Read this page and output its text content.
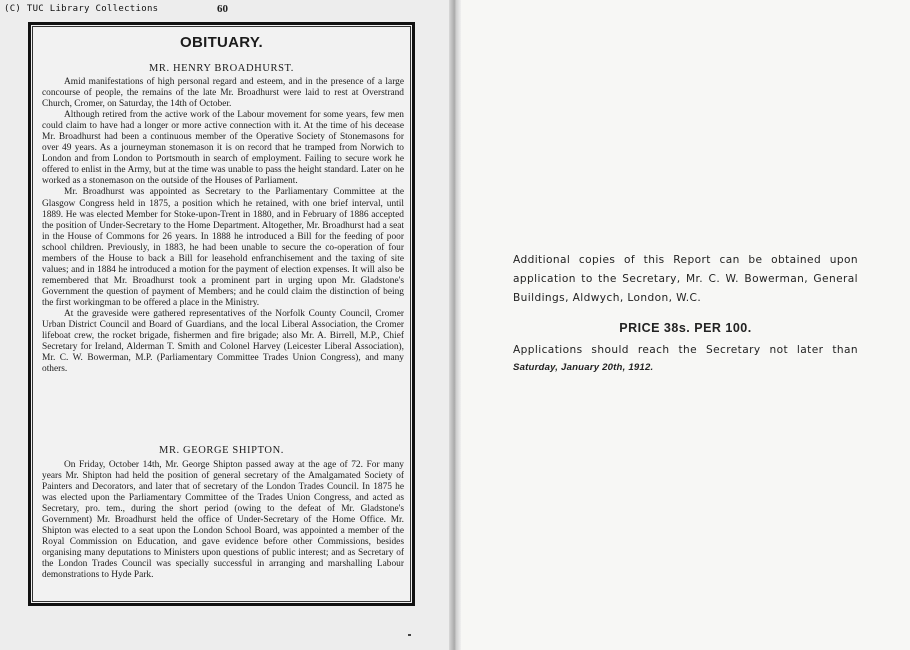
(C) TUC Library Collections	60
OBITUARY.
MR. HENRY BROADHURST.

Amid manifestations of high personal regard and esteem, and in the presence of a large concourse of people, the remains of the late Mr. Broadhurst were laid to rest at Overstrand Church, Cromer, on Saturday, the 14th of October.

Although retired from the active work of the Labour movement for some years, few men could claim to have had a longer or more active connection with it. At the time of his decease Mr. Broadhurst had been a continuous member of the Operative Society of Stonemasons for over 49 years. As a journeyman stonemason it is on record that he tramped from Norwich to London and from London to Portsmouth in search of employment. Failing to secure work he offered to enlist in the Army, but at the time was unable to pass the height standard. Later on he worked as a stonemason on the outside of the Houses of Parliament.

Mr. Broadhurst was appointed as Secretary to the Parliamentary Committee at the Glasgow Congress held in 1875, a position which he retained, with one brief interval, until 1889. He was elected Member for Stoke-upon-Trent in 1880, and in February of 1886 accepted the position of Under-Secretary to the Home Department. Altogether, Mr. Broadhurst had a seat in the House of Commons for 26 years. In 1888 he introduced a Bill for the feeding of poor school children. Previously, in 1883, he had been unable to secure the co-operation of four members of the House to back a Bill for leasehold enfranchisement and the taxing of site values; and in 1884 he introduced a motion for the payment of election expenses. It will also be remembered that Mr. Broadhurst took a prominent part in urging upon Mr. Gladstone's Government the question of payment of Members; and he could claim the distinction of being the first workingman to be offered a place in the Ministry.

At the graveside were gathered representatives of the Norfolk County Council, Cromer Urban District Council and Board of Guardians, and the local Liberal Association, the Cromer lifeboat crew, the rocket brigade, fishermen and fire brigade; also Mr. A. Birrell, M.P., Chief Secretary for Ireland, Alderman T. Smith and Colonel Harvey (Leicester Liberal Association), Mr. C. W. Bowerman, M.P. (Parliamentary Committee Trades Union Congress), and many others.

MR. GEORGE SHIPTON.

On Friday, October 14th, Mr. George Shipton passed away at the age of 72. For many years Mr. Shipton had held the position of general secretary of the Amalgamated Society of Painters and Decorators, and later that of secretary of the London Trades Council. In 1875 he was elected upon the Parliamentary Committee of the Trades Union Congress, and acted as Secretary, pro. tem., during the short period (owing to the defeat of Mr. Gladstone's Government) Mr. Broadhurst held the office of Under-Secretary of the Home Office. Mr. Shipton was elected to a seat upon the London School Board, was appointed a member of the Royal Commission on Education, and gave evidence before other Commissions, besides organising many deputations to Ministers upon questions of public interest; and as Secretary of the London Trades Council was specially successful in arranging and marshalling Labour demonstrations to Hyde Park.

Additional copies of this Report can be obtained upon application to the Secretary, Mr. C. W. Bowerman, General Buildings, Aldwych, London, W.C.
PRICE 38s. PER 100.
Applications should reach the Secretary not later than Saturday, January 20th, 1912.
